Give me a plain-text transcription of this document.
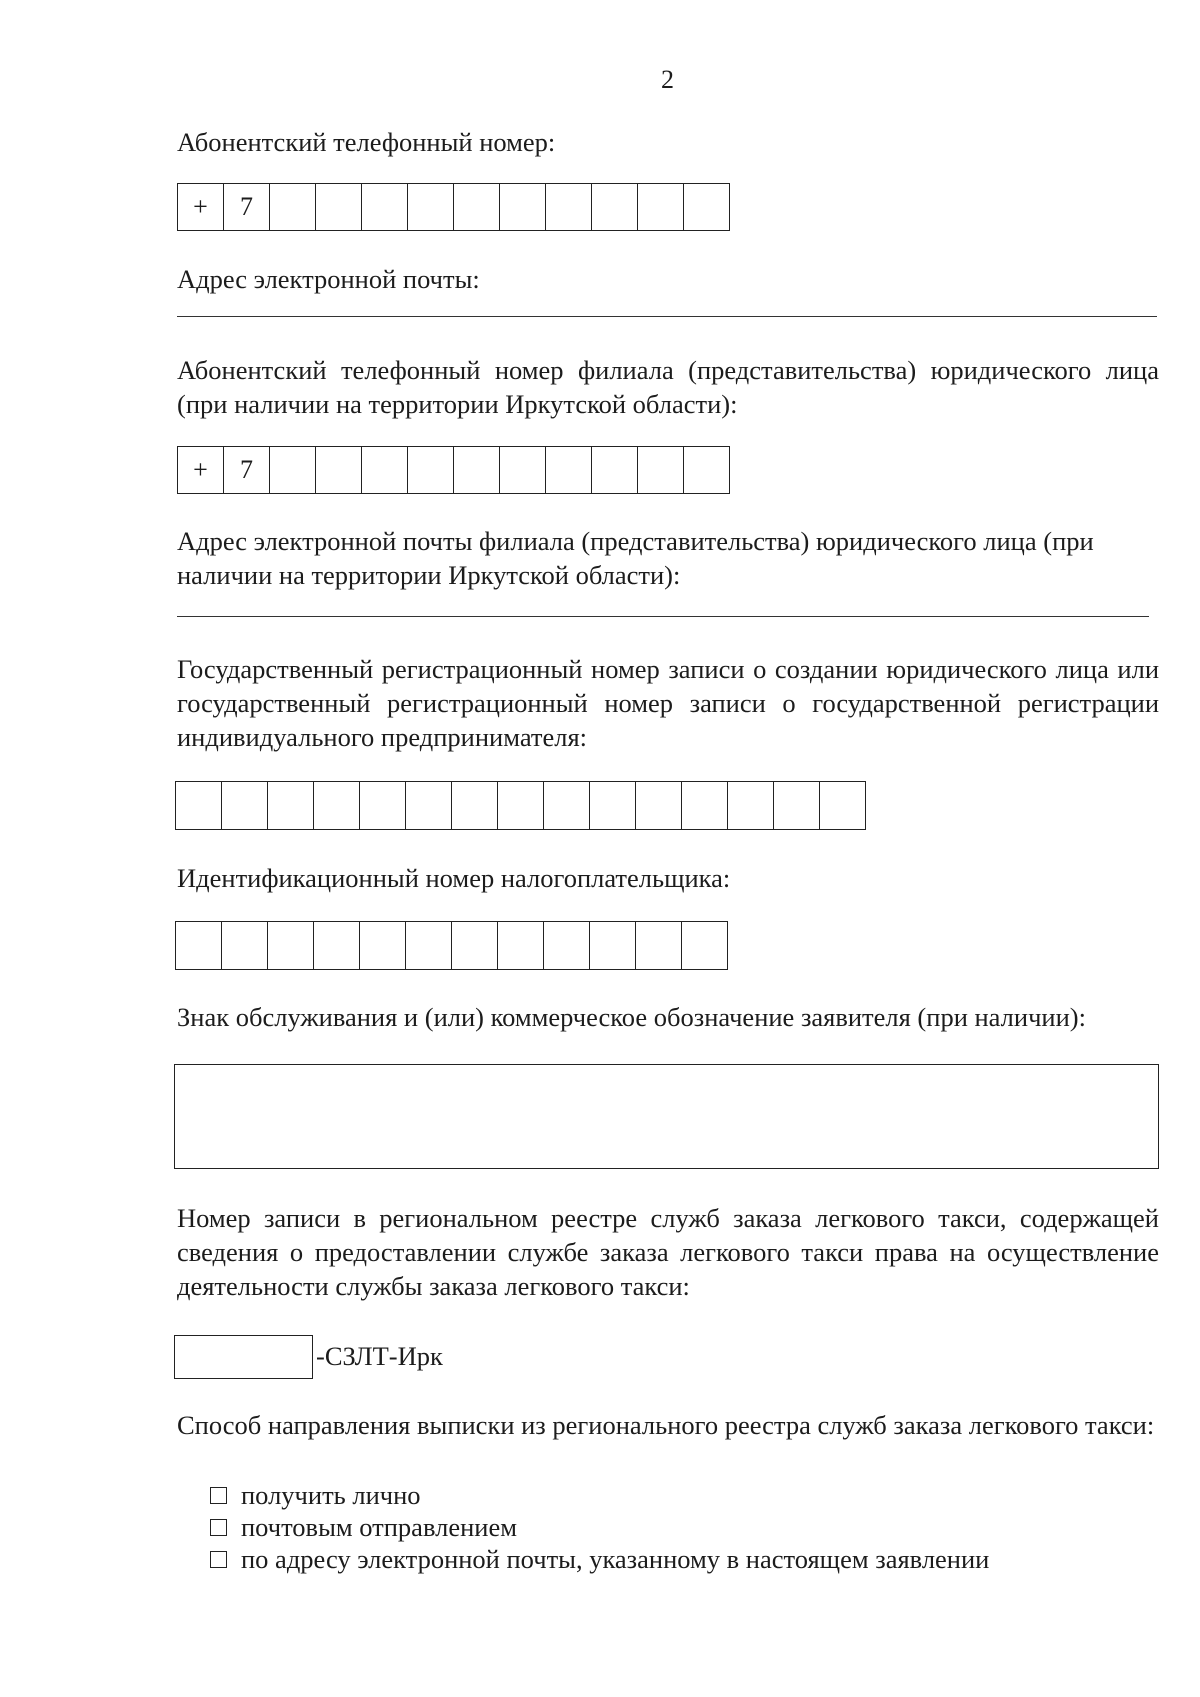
2
Абонентский телефонный номер:
+	7
Адрес электронной почты:
Абонентский телефонный номер филиала (представительства) юридического лица (при наличии на территории Иркутской области):
+	7
Адрес электронной почты филиала (представительства) юридического лица (при наличии на территории Иркутской области):
Государственный регистрационный номер записи о создании юридического лица или государственный регистрационный номер записи о государственной регистрации индивидуального предпринимателя:
Идентификационный номер налогоплательщика:
Знак обслуживания и (или) коммерческое обозначение заявителя (при наличии):
Номер записи в региональном реестре служб заказа легкового такси, содержащей сведения о предоставлении службе заказа легкового такси права на осуществление деятельности службы заказа легкового такси:
-СЗЛТ-Ирк
Способ направления выписки из регионального реестра служб заказа легкового такси:
получить лично
почтовым отправлением
по адресу электронной почты, указанному в настоящем заявлении
